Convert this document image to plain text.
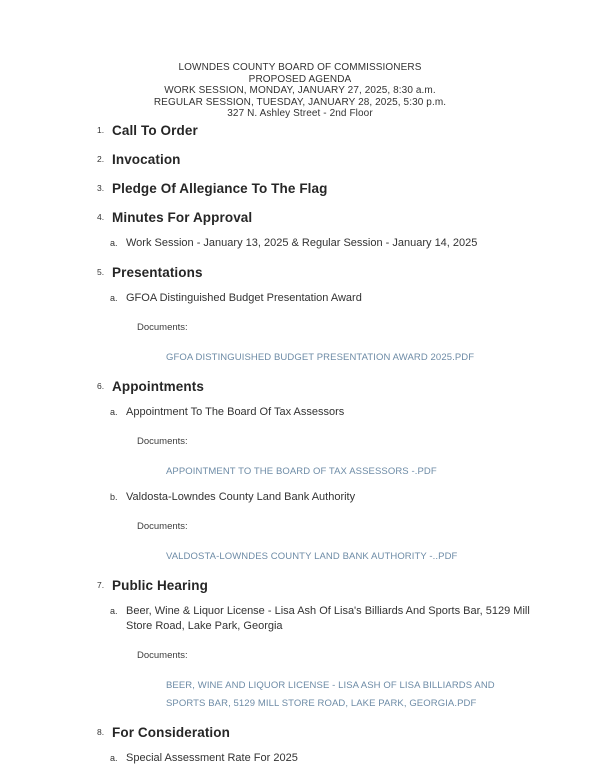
LOWNDES COUNTY BOARD OF COMMISSIONERS
PROPOSED AGENDA
WORK SESSION, MONDAY, JANUARY 27, 2025, 8:30 a.m.
REGULAR SESSION, TUESDAY, JANUARY 28, 2025, 5:30 p.m.
327 N. Ashley Street - 2nd Floor
1. Call To Order
2. Invocation
3. Pledge Of Allegiance To The Flag
4. Minutes For Approval
a. Work Session - January 13, 2025 & Regular Session - January 14, 2025
5. Presentations
a. GFOA Distinguished Budget Presentation Award
Documents:
GFOA DISTINGUISHED BUDGET PRESENTATION AWARD 2025.PDF
6. Appointments
a. Appointment To The Board Of Tax Assessors
Documents:
APPOINTMENT TO THE BOARD OF TAX ASSESSORS -.PDF
b. Valdosta-Lowndes County Land Bank Authority
Documents:
VALDOSTA-LOWNDES COUNTY LAND BANK AUTHORITY -..PDF
7. Public Hearing
a. Beer, Wine & Liquor License - Lisa Ash Of Lisa's Billiards And Sports Bar, 5129 Mill Store Road, Lake Park, Georgia
Documents:
BEER, WINE AND LIQUOR LICENSE - LISA ASH OF LISA BILLIARDS AND SPORTS BAR, 5129 MILL STORE ROAD, LAKE PARK, GEORGIA.PDF
8. For Consideration
a. Special Assessment Rate For 2025
